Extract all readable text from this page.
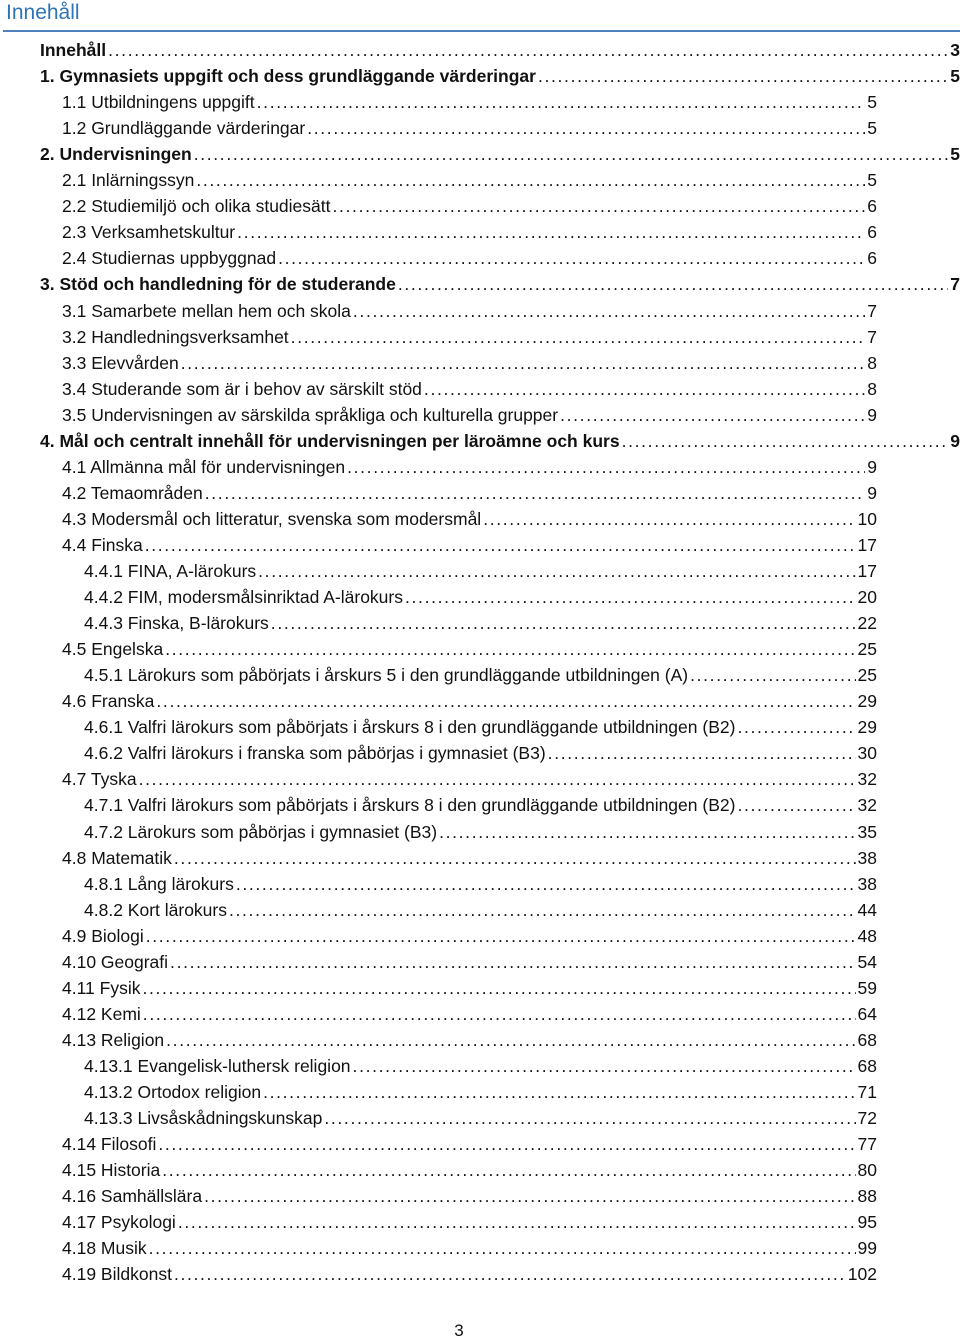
Innehåll
Innehåll . . .	3
1. Gymnasiets uppgift och dess grundläggande värderingar . . .	5
1.1 Utbildningens uppgift . . .	5
1.2 Grundläggande värderingar . . .	5
2. Undervisningen . . .	5
2.1 Inlärningssyn . . .	5
2.2 Studiemiljö och olika studiesätt . . .	6
2.3 Verksamhetskultur . . .	6
2.4 Studiernas uppbyggnad . . .	6
3. Stöd och handledning för de studerande . . .	7
3.1 Samarbete mellan hem och skola . . .	7
3.2 Handledningsverksamhet . . .	7
3.3 Elevvården . . .	8
3.4 Studerande som är i behov av särskilt stöd . . .	8
3.5 Undervisningen av särskilda språkliga och kulturella grupper . . .	9
4. Mål och centralt innehåll för undervisningen per läroämne och kurs . . .	9
4.1 Allmänna mål för undervisningen . . .	9
4.2 Temaområden . . .	9
4.3 Modersmål och litteratur, svenska som modersmål . . .	10
4.4 Finska . . .	17
4.4.1 FINA, A-lärokurs . . .	17
4.4.2 FIM, modersmålsinriktad A-lärokurs . . .	20
4.4.3 Finska, B-lärokurs . . .	22
4.5 Engelska . . .	25
4.5.1 Lärokurs som påbörjats i årskurs 5 i den grundläggande utbildningen (A) . . .	25
4.6 Franska . . .	29
4.6.1 Valfri lärokurs som påbörjats i årskurs 8 i den grundläggande utbildningen (B2) . . .	29
4.6.2 Valfri lärokurs i franska som påbörjas i gymnasiet (B3) . . .	30
4.7 Tyska . . .	32
4.7.1 Valfri lärokurs som påbörjats i årskurs 8 i den grundläggande utbildningen (B2) . . .	32
4.7.2 Lärokurs som påbörjas i gymnasiet (B3) . . .	35
4.8 Matematik . . .	38
4.8.1 Lång lärokurs . . .	38
4.8.2 Kort lärokurs . . .	44
4.9 Biologi . . .	48
4.10 Geografi . . .	54
4.11 Fysik . . .	59
4.12 Kemi . . .	64
4.13 Religion . . .	68
4.13.1 Evangelisk-luthersk religion . . .	68
4.13.2 Ortodox religion . . .	71
4.13.3 Livsåskådningskunskap . . .	72
4.14 Filosofi . . .	77
4.15 Historia . . .	80
4.16 Samhällslära . . .	88
4.17 Psykologi . . .	95
4.18 Musik . . .	99
4.19 Bildkonst . . .	102
3
